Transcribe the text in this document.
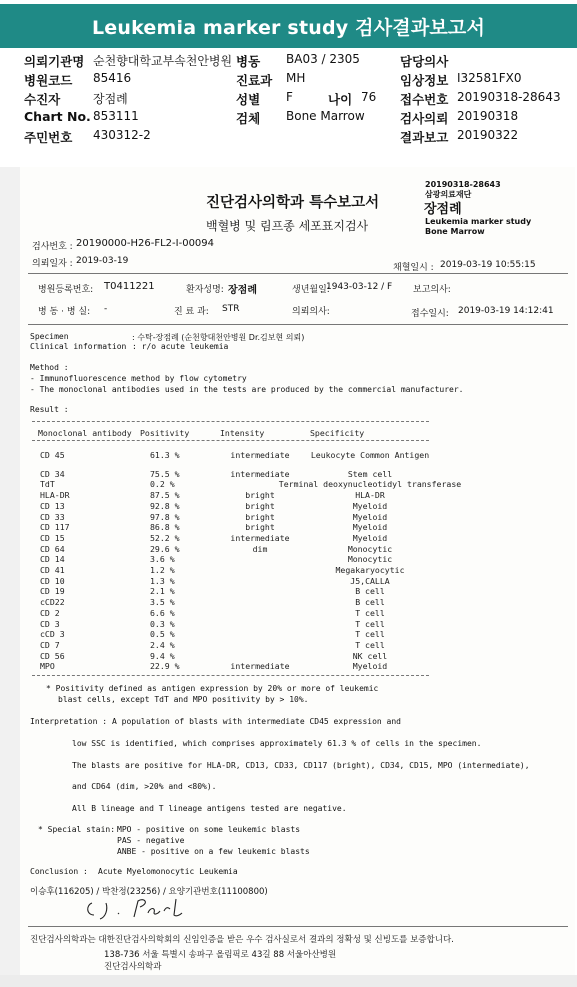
Leukemia marker study 검사결과보고서
의뢰기관명 순천향대학교부속천안병원 병동 BA03 / 2305	담당의사
병원코드 85416	진료과 MH	임상정보 I32581FX0
수진자	장점례	성별 F	나이 76 접수번호 20190318-28643
Chart No. 853111	검체 Bone Marrow	검사의뢰 20190318
주민번호 430312-2	결과보고 20190322
진단검사의학과 특수보고서
백혈병 및 림프종 세포표지검사
20190318-28643
삼광의료재단
장점례
Leukemia marker study
Bone Marrow
검사번호 : 20190000-H26-FL2-I-00094
의뢰일자 : 2019-03-19
채혈일시 : 2019-03-19 10:55:15
병원등록번호: T0411221	환자성명: 장점례	생년월일:
1943-03-12 / F 보고의사:
병 동 · 병 실: -	진 료 과: STR	의뢰의사:	접수일시: 2019-03-19 14:12:41
Specimen	: 수탁-장점례 (순천향대천안병원 Dr.김보현 의뢰)
Clinical information : r/o acute leukemia
Method :
- Immunofluorescence method by flow cytometry
- The monoclonal antibodies used in the tests are produced by the commercial manufacturer.
Result :
Monoclonal antibody Positivity	Intensity	Specificity
CD 45	61.3 %	intermediate	Leukocyte Common Antigen
CD 34	75.5 %	intermediate	Stem cell
TdT	0.2 %	Terminal deoxynucleotidyl transferase
HLA-DR	87.5 %	bright	HLA-DR
CD 13	92.8 %	bright	Myeloid
CD 33	97.8 %	bright	Myeloid
CD 117	86.8 %	bright	Myeloid
CD 15	52.2 %	intermediate	Myeloid
CD 64	29.6 %	dim	Monocytic
CD 14	3.6 %	Monocytic
CD 41	1.2 %	Megakaryocytic
CD 10	1.3 %	J5,CALLA
CD 19	2.1 %	B cell
cCD22	3.5 %	B cell
CD 2	6.6 %	T cell
CD 3	0.3 %	T cell
cCD 3	0.5 %	T cell
CD 7	2.4 %	T cell
CD 56	9.4 %	NK cell
MPO	22.9 %	intermediate	Myeloid
* Positivity defined as antigen expression by 20% or more of leukemic
blast cells, except TdT and MPO positivity by > 10%.
Interpretation : A population of blasts with intermediate CD45 expression and
low SSC is identified, which comprises approximately 61.3 % of cells in the specimen.
The blasts are positive for HLA-DR, CD13, CD33, CD117 (bright), CD34, CD15, MPO (intermediate),
and CD64 (dim, >20% and <80%).
All B lineage and T lineage antigens tested are negative.
* Special stain: MPO - positive on some leukemic blasts
PAS - negative
ANBE - positive on a few leukemic blasts
Conclusion : Acute Myelomonocytic Leukemia
이승후(116205) / 박찬정(23256) / 요양기관번호(11100800)
진단검사의학과는 대한진단검사의학회의 신임인증을 받은 우수 검사실로서 결과의 정확성 및 신빙도를 보증합니다.
138-736 서울 특별시 송파구 올림픽로 43길 88 서울아산병원
진단검사의학과
